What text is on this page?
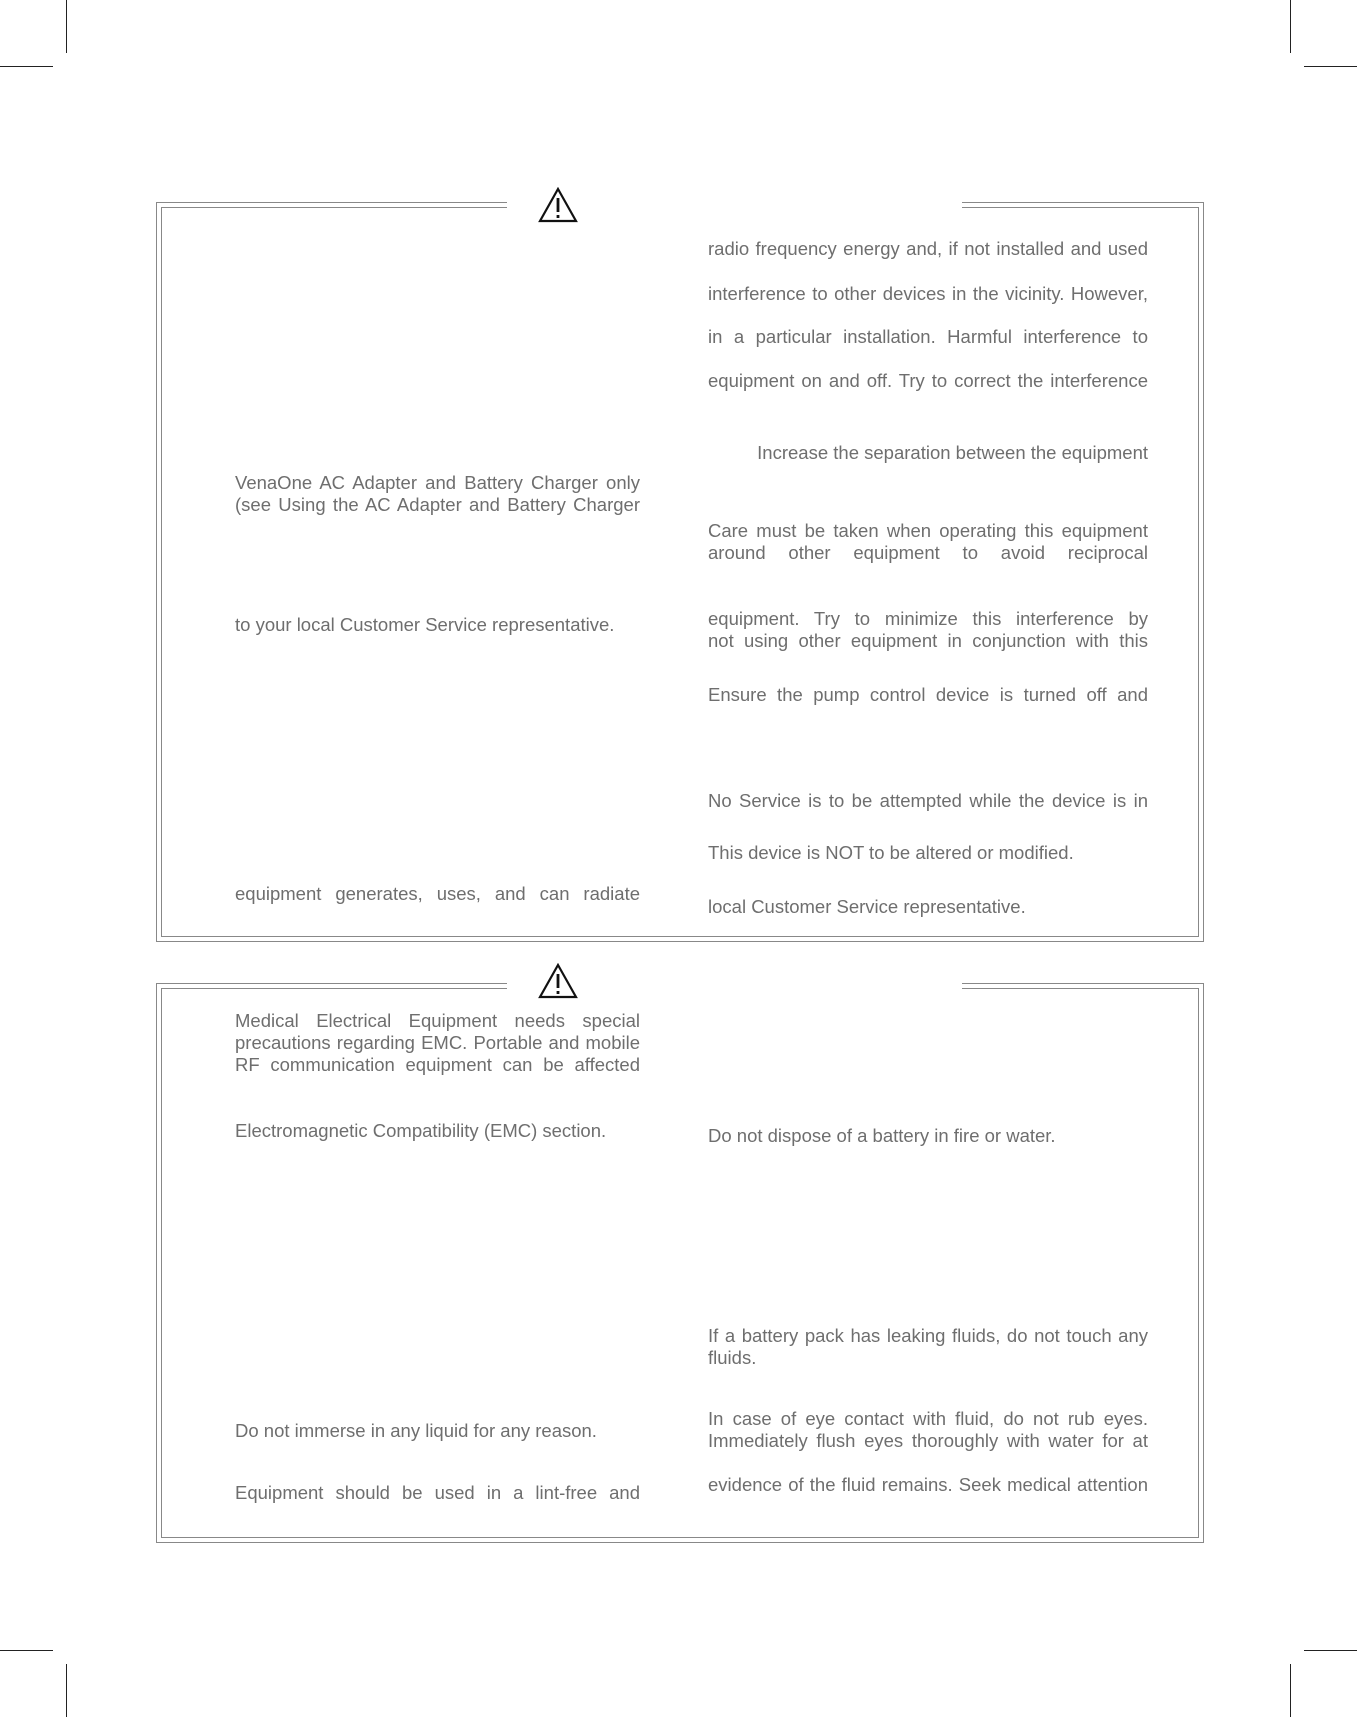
VenaOne AC Adapter and Battery Charger only
(see Using the AC Adapter and Battery Charger
to your local Customer Service representative.
equipment generates, uses, and can radiate
radio frequency energy and, if not installed and used
interference to other devices in the vicinity. However,
in a particular installation. Harmful interference to
equipment on and off. Try to correct the interference
Increase the separation between the equipment
Care must be taken when operating this equipment
around other equipment to avoid reciprocal
equipment. Try to minimize this interference by
not using other equipment in conjunction with this
Ensure the pump control device is turned off and
No Service is to be attempted while the device is in
This device is NOT to be altered or modified.
local Customer Service representative.
Medical Electrical Equipment needs special
precautions regarding EMC. Portable and mobile
RF communication equipment can be affected
Electromagnetic Compatibility (EMC) section.
Do not immerse in any liquid for any reason.
Equipment should be used in a lint-free and
Do not dispose of a battery in fire or water.
If a battery pack has leaking fluids, do not touch any
fluids.
In case of eye contact with fluid, do not rub eyes.
Immediately flush eyes thoroughly with water for at
evidence of the fluid remains. Seek medical attention
